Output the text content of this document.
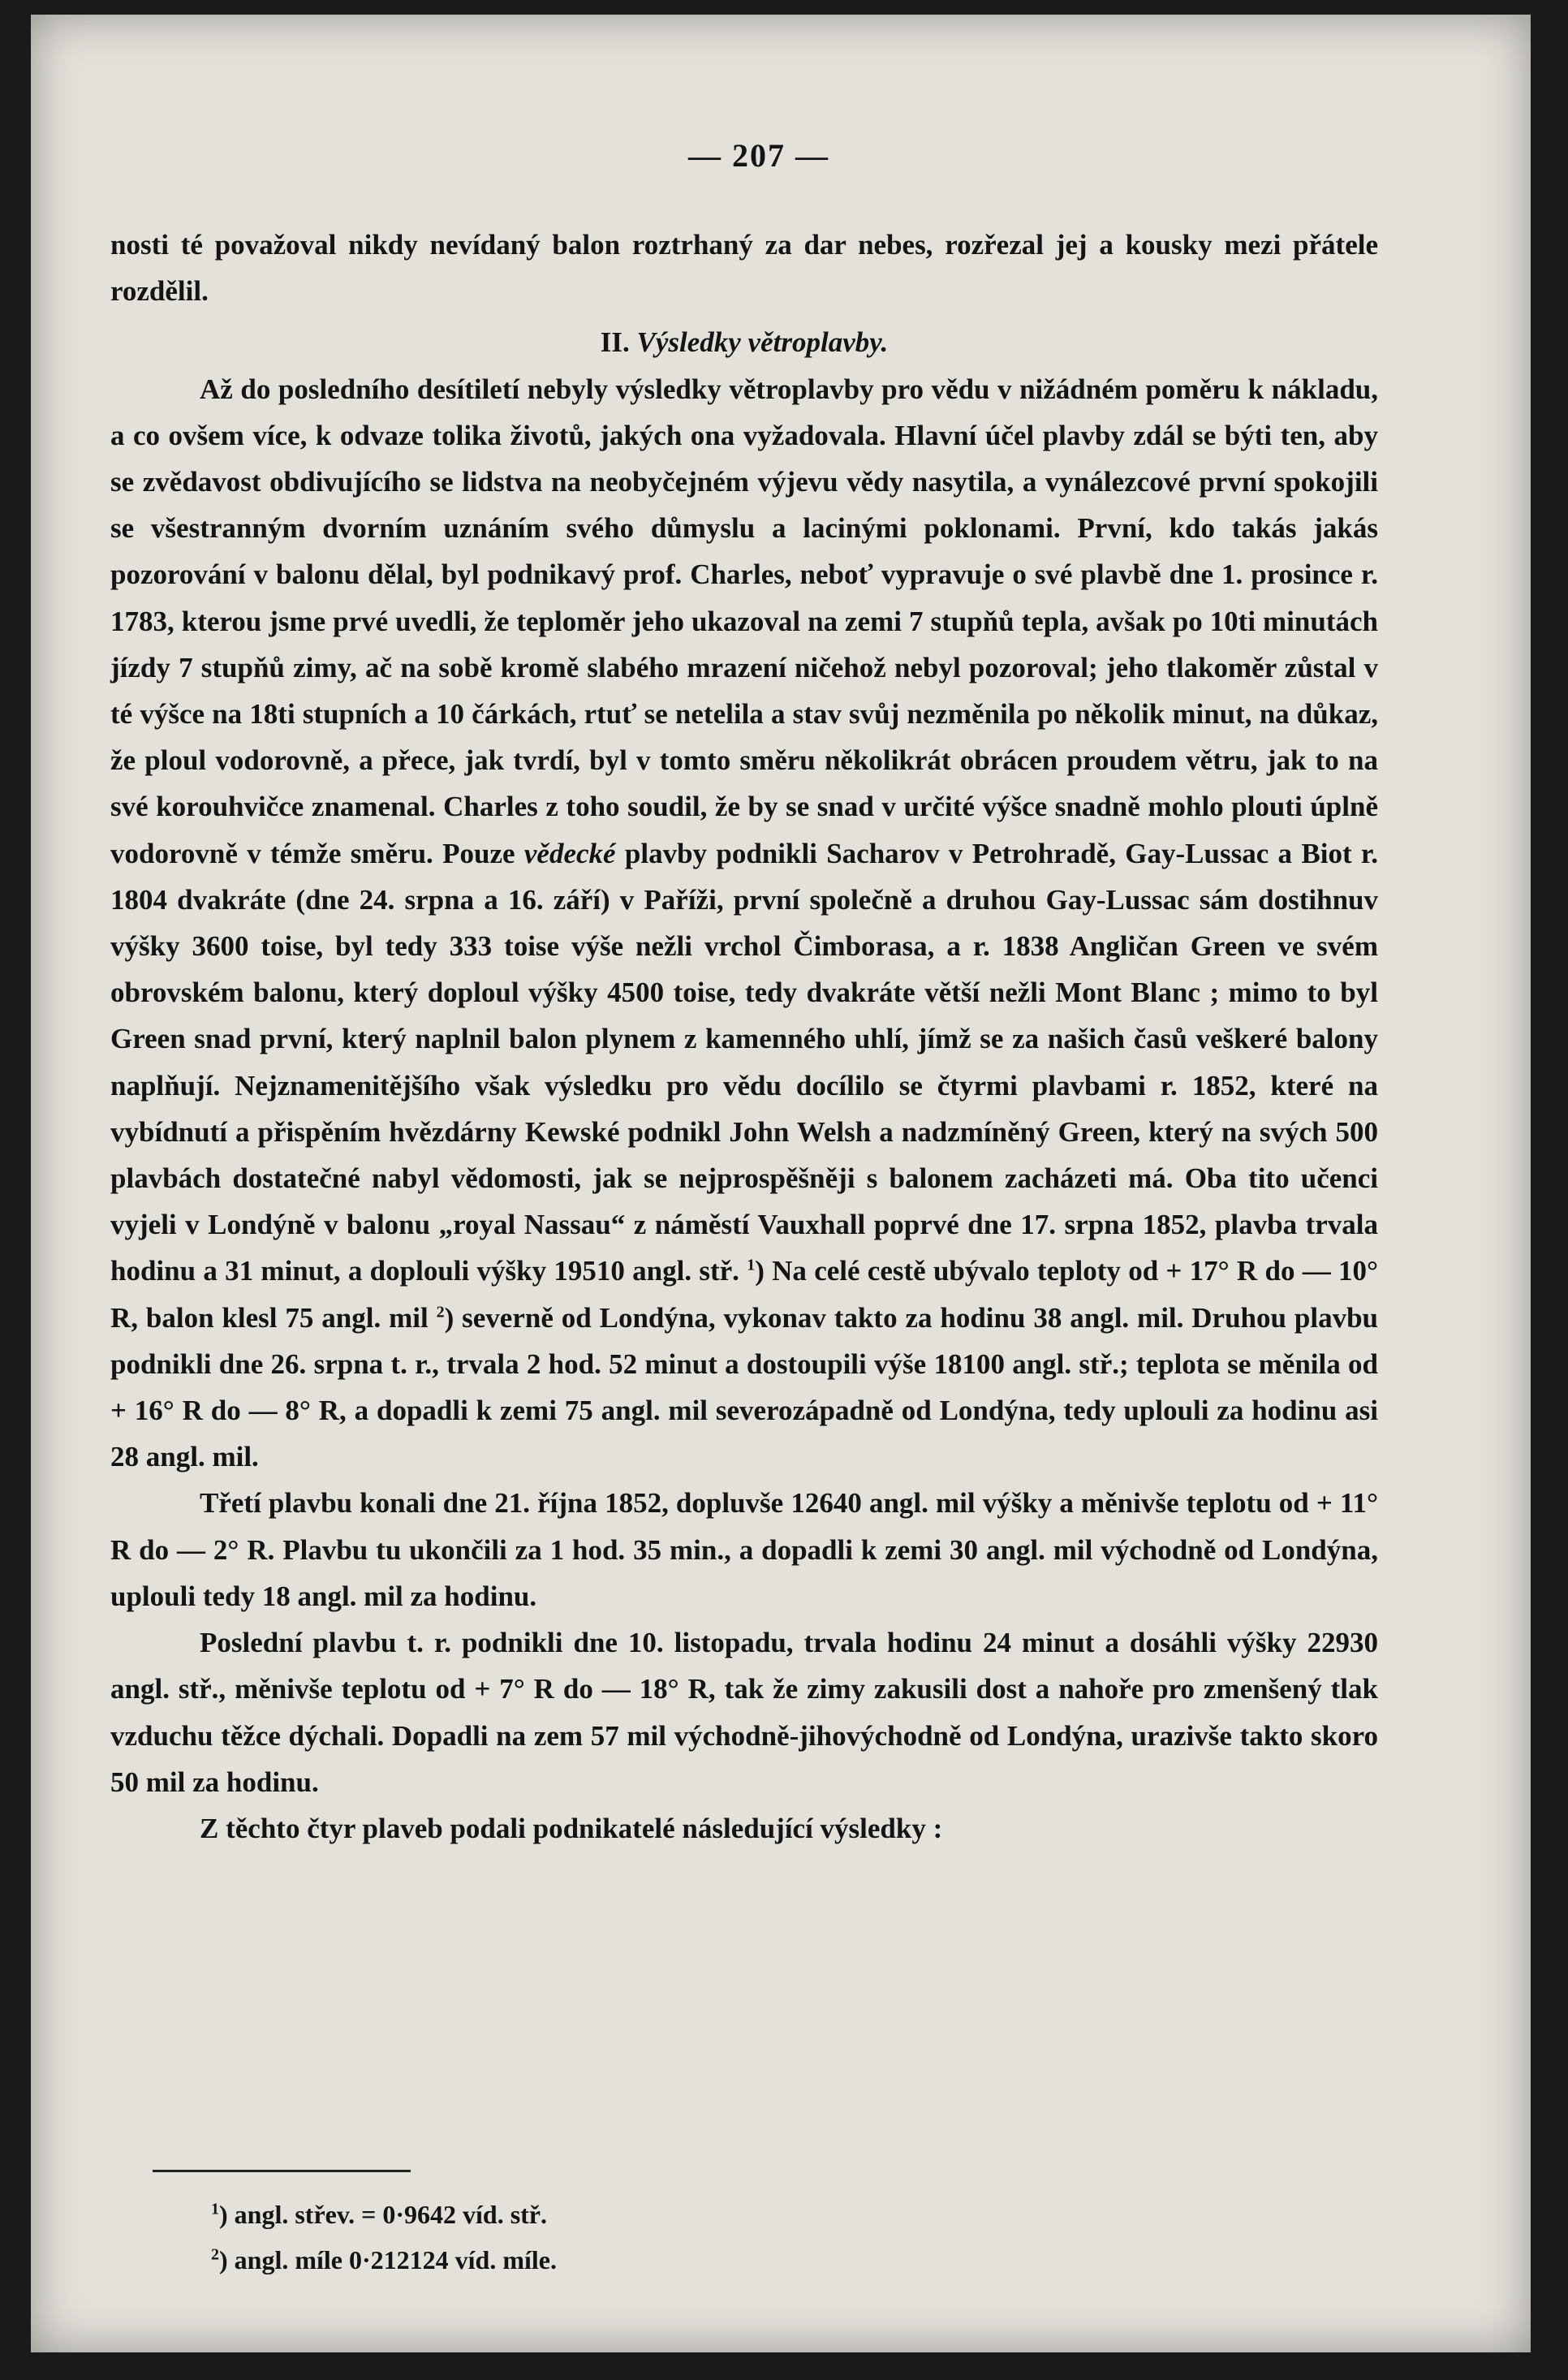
— 207 —

nosti té považoval nikdy nevídaný balon roztrhaný za dar nebes, rozřezal jej a kousky mezi přátele rozdělil.

II. Výsledky větroplavby.

Až do posledního desítiletí nebyly výsledky větroplavby pro vědu v nižádném poměru k nákladu, a co ovšem více, k odvaze tolika životů, jakých ona vyžadovala. Hlavní účel plavby zdál se býti ten, aby se zvědavost obdivujícího se lidstva na neobyčejném výjevu vědy nasytila, a vynálezcové první spokojili se všestranným dvorním uznáním svého důmyslu a lacinými poklonami. První, kdo takás jakás pozorování v balonu dělal, byl podnikavý prof. Charles, neboť vypravuje o své plavbě dne 1. prosince r. 1783, kterou jsme prvé uvedli, že teploměr jeho ukazoval na zemi 7 stupňů tepla, avšak po 10ti minutách jízdy 7 stupňů zimy, ač na sobě kromě slabého mrazení ničehož nebyl pozoroval; jeho tlakoměr zůstal v té výšce na 18ti stupních a 10 čárkách, rtuť se netelila a stav svůj nezměnila po několik minut, na důkaz, že ploul vodorovně, a přece, jak tvrdí, byl v tomto směru několikrát obrácen proudem větru, jak to na své korouhvičce znamenal. Charles z toho soudil, že by se snad v určité výšce snadně mohlo plouti úplně vodorovně v témže směru. Pouze vědecké plavby podnikli Sacharov v Petrohradě, Gay-Lussac a Biot r. 1804 dvakráte (dne 24. srpna a 16. září) v Paříži, první společně a druhou Gay-Lussac sám dostihnuv výšky 3600 toise, byl tedy 333 toise výše nežli vrchol Čimborasa, a r. 1838 Angličan Green ve svém obrovském balonu, který doploul výšky 4500 toise, tedy dvakráte větší nežli Mont Blanc ; mimo to byl Green snad první, který naplnil balon plynem z kamenného uhlí, jímž se za našich časů veškeré balony naplňují. Nejznamenitějšího však výsledku pro vědu docílilo se čtyrmi plavbami r. 1852, které na vybídnutí a přispěním hvězdárny Kewské podnikl John Welsh a nadzmíněný Green, který na svých 500 plavbách dostatečné nabyl vědomosti, jak se nejprospěšněji s balonem zacházeti má. Oba tito učenci vyjeli v Londýně v balonu „royal Nassau“ z náměstí Vauxhall poprvé dne 17. srpna 1852, plavba trvala hodinu a 31 minut, a doplouli výšky 19510 angl. stř. $^1$) Na celé cestě ubývalo teploty od + 17° R do — 10° R, balon klesl 75 angl. mil $^2$) severně od Londýna, vykonav takto za hodinu 38 angl. mil. Druhou plavbu podnikli dne 26. srpna t. r., trvala 2 hod. 52 minut a dostoupili výše 18100 angl. stř.; teplota se měnila od + 16° R do — 8° R, a dopadli k zemi 75 angl. mil severozápadně od Londýna, tedy uplouli za hodinu asi 28 angl. mil.

Třetí plavbu konali dne 21. října 1852, dopluvše 12640 angl. mil výšky a měnivše teplotu od + 11° R do — 2° R. Plavbu tu ukončili za 1 hod. 35 min., a dopadli k zemi 30 angl. mil východně od Londýna, uplouli tedy 18 angl. mil za hodinu.

Poslední plavbu t. r. podnikli dne 10. listopadu, trvala hodinu 24 minut a dosáhli výšky 22930 angl. stř., měnivše teplotu od + 7° R do — 18° R, tak že zimy zakusili dost a nahoře pro zmenšený tlak vzduchu těžce dýchali. Dopadli na zem 57 mil východně-jihovýchodně od Londýna, urazivše takto skoro 50 mil za hodinu.

Z těchto čtyr plaveb podali podnikatelé následující výsledky :

$^1$) angl. střev. = 0·9642 víd. stř.
$^2$) angl. míle 0·212124 víd. míle.
